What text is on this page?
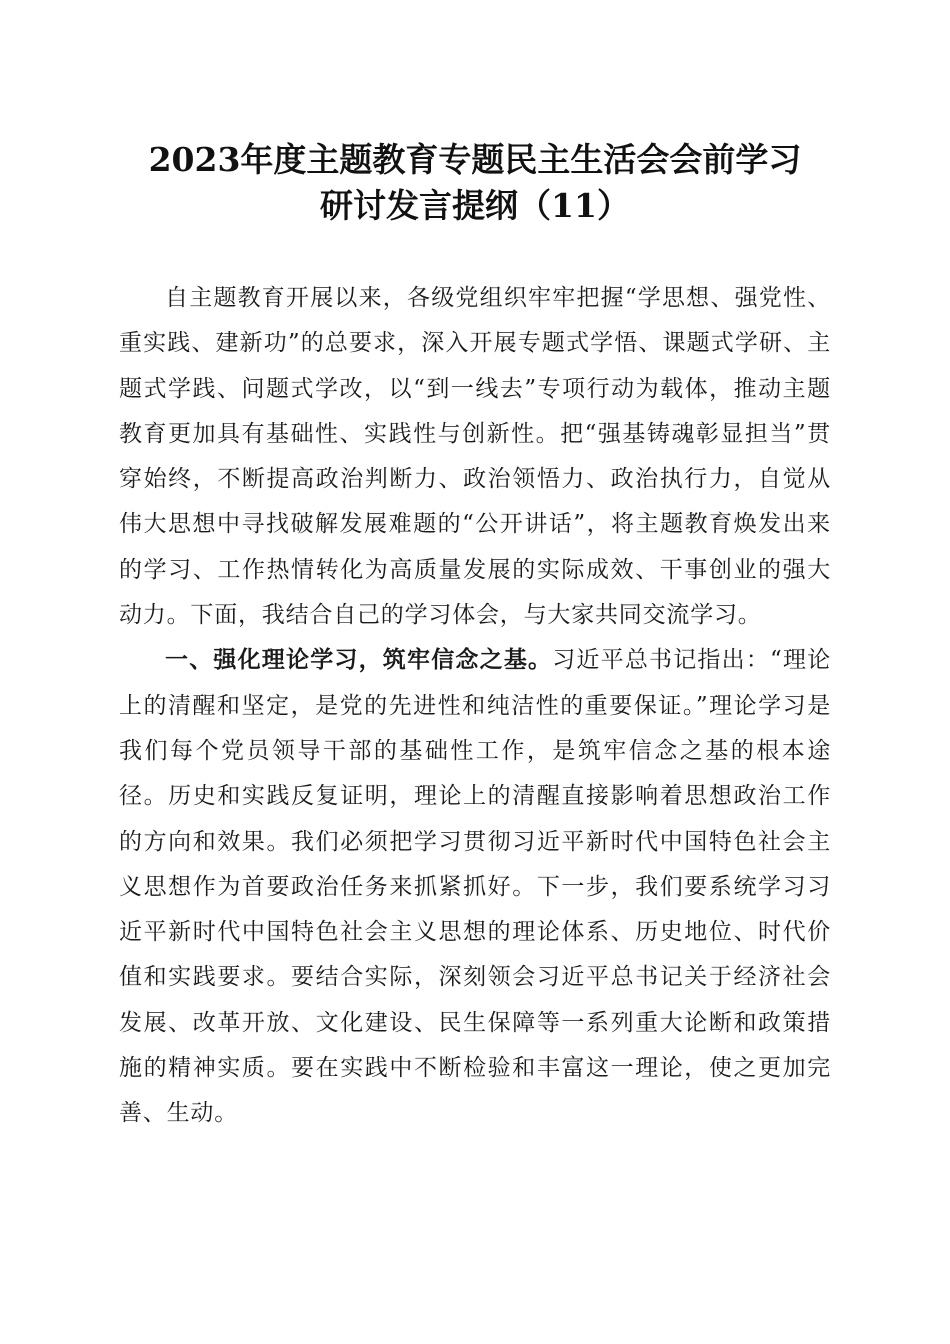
2023年度主题教育专题民主生活会会前学习
研讨发言提纲（11）

自主题教育开展以来，各级党组织牢牢把握“学思想、强党性、重实践、建新功”的总要求，深入开展专题式学悟、课题式学研、主题式学践、问题式学改，以“到一线去”专项行动为载体，推动主题教育更加具有基础性、实践性与创新性。把“强基铸魂彰显担当”贯穿始终，不断提高政治判断力、政治领悟力、政治执行力，自觉从伟大思想中寻找破解发展难题的“公开讲话”，将主题教育焕发出来的学习、工作热情转化为高质量发展的实际成效、干事创业的强大动力。下面，我结合自己的学习体会，与大家共同交流学习。

一、强化理论学习，筑牢信念之基。习近平总书记指出：“理论上的清醒和坚定，是党的先进性和纯洁性的重要保证。”理论学习是我们每个党员领导干部的基础性工作，是筑牢信念之基的根本途径。历史和实践反复证明，理论上的清醒直接影响着思想政治工作的方向和效果。我们必须把学习贯彻习近平新时代中国特色社会主义思想作为首要政治任务来抓紧抓好。下一步，我们要系统学习习近平新时代中国特色社会主义思想的理论体系、历史地位、时代价值和实践要求。要结合实际，深刻领会习近平总书记关于经济社会发展、改革开放、文化建设、民生保障等一系列重大论断和政策措施的精神实质。要在实践中不断检验和丰富这一理论，使之更加完善、生动。
